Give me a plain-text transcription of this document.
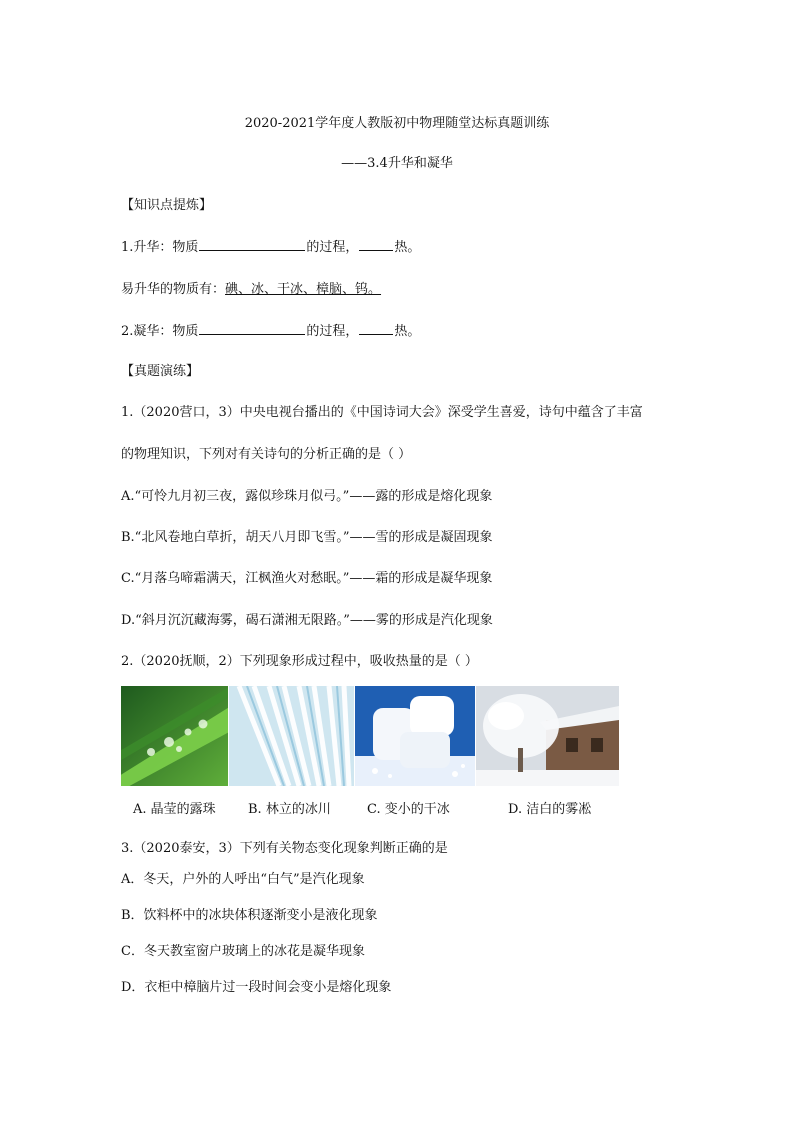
2020-2021学年度人教版初中物理随堂达标真题训练
——3.4升华和凝华
【知识点提炼】
1.升华：物质	的过程，	热。
易升华的物质有：碘、冰、干冰、樟脑、钨。
2.凝华：物质	的过程，	热。
【真题演练】
1.（2020营口，3）中央电视台播出的《中国诗词大会》深受学生喜爱，诗句中蕴含了丰富
的物理知识，下列对有关诗句的分析正确的是（ ）
A.“可怜九月初三夜，露似珍珠月似弓。”——露的形成是熔化现象
B.“北风卷地白草折，胡天八月即飞雪。”——雪的形成是凝固现象
C.“月落乌啼霜满天，江枫渔火对愁眠。”——霜的形成是凝华现象
D.“斜月沉沉藏海雾，碣石潇湘无限路。”——雾的形成是汽化现象
2.（2020抚顺，2）下列现象形成过程中，吸收热量的是（ ）
A. 晶莹的露珠 B. 林立的冰川	C. 变小的干冰	D. 洁白的雾凇
3.（2020泰安，3）下列有关物态变化现象判断正确的是
A．冬天，户外的人呼出“白气”是汽化现象
B．饮料杯中的冰块体积逐渐变小是液化现象
C．冬天教室窗户玻璃上的冰花是凝华现象
D．衣柜中樟脑片过一段时间会变小是熔化现象
